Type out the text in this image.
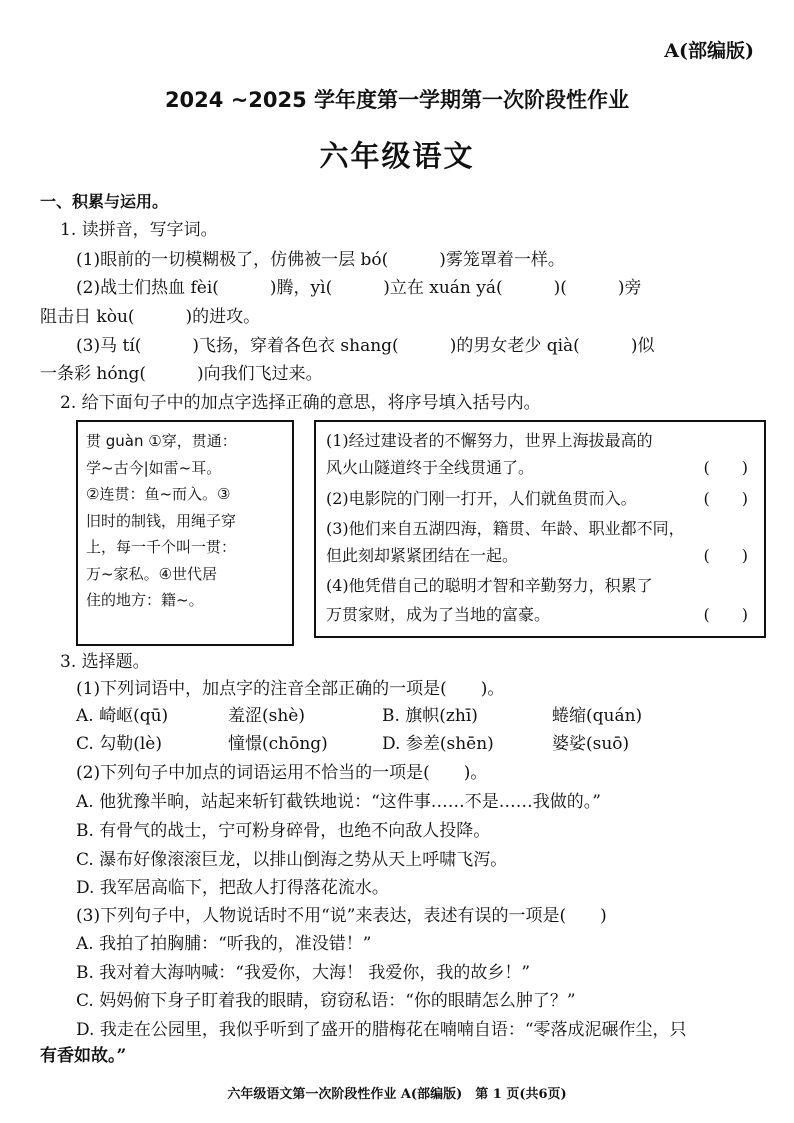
A(部编版)
2024 ~2025 学年度第一学期第一次阶段性作业
六年级语文
一、积累与运用。
1. 读拼音，写字词。
(1)眼前的一切模糊极了，仿佛被一层 bó(　　　)雾笼罩着一样。
(2)战士们热血 fèi(　　　)腾，yì(　　　)立在 xuán yá(　　　)(　　　)旁
阻击日 kòu(　　　)的进攻。
(3)马 tí(　　　)飞扬，穿着各色衣 shang(　　　)的男女老少 qià(　　　)似
一条彩 hóng(　　　)向我们飞过来。
2. 给下面句子中的加点字选择正确的意思，将序号填入括号内。
贯 guàn ①穿，贯通：
学~古今|如雷~耳。
②连贯：鱼~而入。③
旧时的制钱，用绳子穿
上，每一千个叫一贯：
万~家私。④世代居
住的地方：籍~。
(1)经过建设者的不懈努力，世界上海拔最高的
风火山隧道终于全线贯通了。	(　　)
(2)电影院的门刚一打开，人们就鱼贯而入。	(　　)
(3)他们来自五湖四海，籍贯、年龄、职业都不同，
但此刻却紧紧团结在一起。	(　　)
(4)他凭借自己的聪明才智和辛勤努力，积累了
万贯家财，成为了当地的富豪。	(　　)
3. 选择题。
(1)下列词语中，加点字的注音全部正确的一项是(　　)。
A. 崎岖(qū)	羞涩(shè)	B. 旗帜(zhī)	蜷缩(quán)
C. 勾勒(lè)	憧憬(chōng)	D. 参差(shēn)	婆娑(suō)
(2)下列句子中加点的词语运用不恰当的一项是(　　)。
A. 他犹豫半晌，站起来斩钉截铁地说：“这件事……不是……我做的。”
B. 有骨气的战士，宁可粉身碎骨，也绝不向敌人投降。
C. 瀑布好像滚滚巨龙，以排山倒海之势从天上呼啸飞泻。
D. 我军居高临下，把敌人打得落花流水。
(3)下列句子中，人物说话时不用“说”来表达，表述有误的一项是(　　)
A. 我拍了拍胸脯：“听我的，准没错！”
B. 我对着大海呐喊：“我爱你，大海！ 我爱你，我的故乡！”
C. 妈妈俯下身子盯着我的眼睛，窃窃私语：“你的眼睛怎么肿了？”
D. 我走在公园里，我似乎听到了盛开的腊梅花在喃喃自语：“零落成泥碾作尘，只
有香如故。”
六年级语文第一次阶段性作业 A(部编版)　第 1 页(共6页)
